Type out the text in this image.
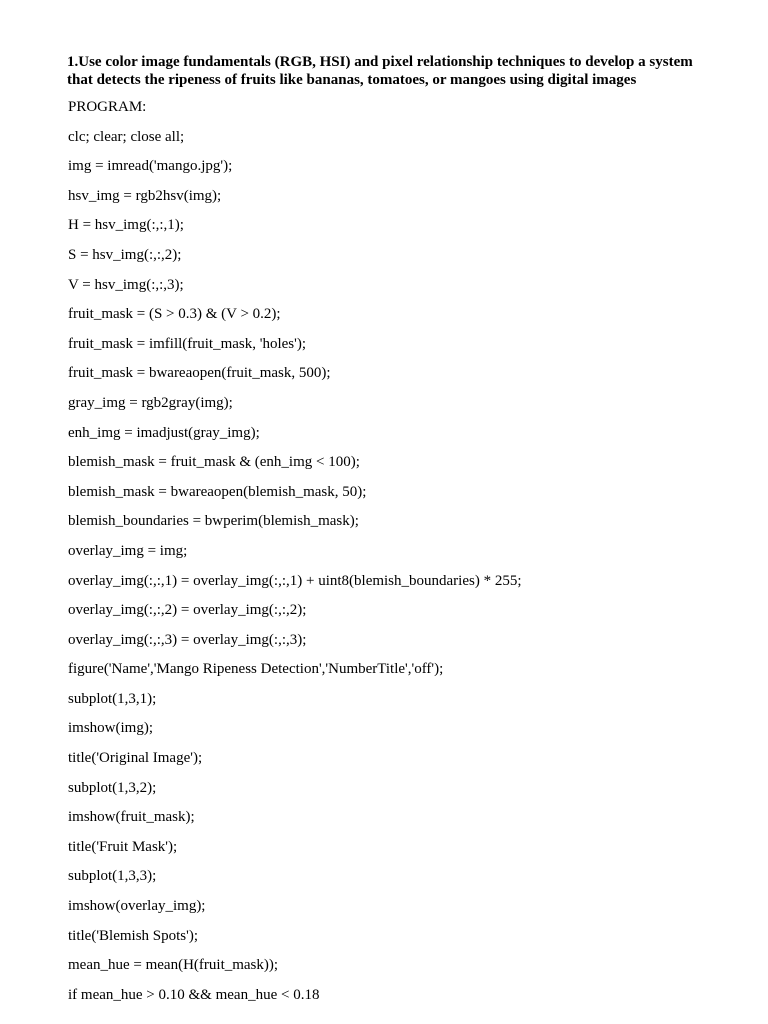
1.Use color image fundamentals (RGB, HSI) and pixel relationship techniques to develop a system that detects the ripeness of fruits like bananas, tomatoes, or mangoes using digital images

PROGRAM:
clc; clear; close all;
img = imread('mango.jpg');
hsv_img = rgb2hsv(img);
H = hsv_img(:,:,1);
S = hsv_img(:,:,2);
V = hsv_img(:,:,3);
fruit_mask = (S > 0.3) & (V > 0.2);
fruit_mask = imfill(fruit_mask, 'holes');
fruit_mask = bwareaopen(fruit_mask, 500);
gray_img = rgb2gray(img);
enh_img = imadjust(gray_img);
blemish_mask = fruit_mask & (enh_img < 100);
blemish_mask = bwareaopen(blemish_mask, 50);
blemish_boundaries = bwperim(blemish_mask);
overlay_img = img;
overlay_img(:,:,1) = overlay_img(:,:,1) + uint8(blemish_boundaries) * 255;
overlay_img(:,:,2) = overlay_img(:,:,2);
overlay_img(:,:,3) = overlay_img(:,:,3);
figure('Name','Mango Ripeness Detection','NumberTitle','off');
subplot(1,3,1);
imshow(img);
title('Original Image');
subplot(1,3,2);
imshow(fruit_mask);
title('Fruit Mask');
subplot(1,3,3);
imshow(overlay_img);
title('Blemish Spots');
mean_hue = mean(H(fruit_mask));
if mean_hue > 0.10 && mean_hue < 0.18
